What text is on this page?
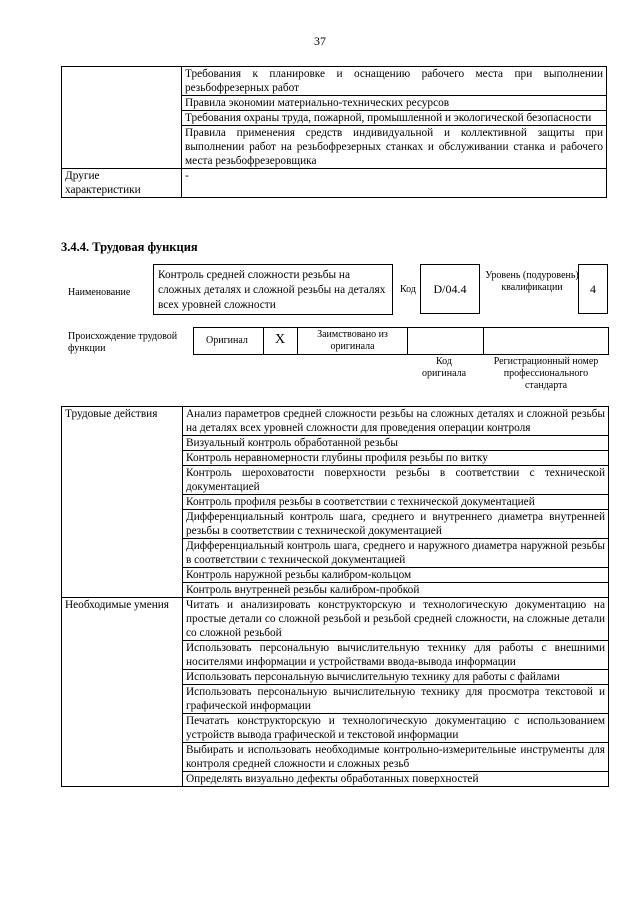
37
	Требования к планировке и оснащению рабочего места при выполнении резьбофрезерных работ
	Правила экономии материально-технических ресурсов
	Требования охраны труда, пожарной, промышленной и экологической безопасности
	Правила применения средств индивидуальной и коллективной защиты при выполнении работ на резьбофрезерных станках и обслуживании станка и рабочего места резьбофрезеровщика
Другие характеристики	-
3.4.4. Трудовая функция
Наименование
Контроль средней сложности резьбы на сложных деталях и сложной резьбы на деталях всех уровней сложности
Код	D/04.4
Уровень (подуровень) квалификации	4
Происхождение трудовой функции
Оригинал	X	Заимствовано из оригинала
Код оригинала
Регистрационный номер профессионального стандарта
Трудовые действия	Анализ параметров средней сложности резьбы на сложных деталях и сложной резьбы на деталях всех уровней сложности для проведения операции контроля
	Визуальный контроль обработанной резьбы
	Контроль неравномерности глубины профиля резьбы по витку
	Контроль шероховатости поверхности резьбы в соответствии с технической документацией
	Контроль профиля резьбы в соответствии с технической документацией
	Дифференциальный контроль шага, среднего и внутреннего диаметра внутренней резьбы в соответствии с технической документацией
	Дифференциальный контроль шага, среднего и наружного диаметра наружной резьбы в соответствии с технической документацией
	Контроль наружной резьбы калибром-кольцом
	Контроль внутренней резьбы калибром-пробкой
Необходимые умения	Читать и анализировать конструкторскую и технологическую документацию на простые детали со сложной резьбой и резьбой средней сложности, на сложные детали со сложной резьбой
	Использовать персональную вычислительную технику для работы с внешними носителями информации и устройствами ввода-вывода информации
	Использовать персональную вычислительную технику для работы с файлами
	Использовать персональную вычислительную технику для просмотра текстовой и графической информации
	Печатать конструкторскую и технологическую документацию с использованием устройств вывода графической и текстовой информации
	Выбирать и использовать необходимые контрольно-измерительные инструменты для контроля средней сложности и сложных резьб
	Определять визуально дефекты обработанных поверхностей
